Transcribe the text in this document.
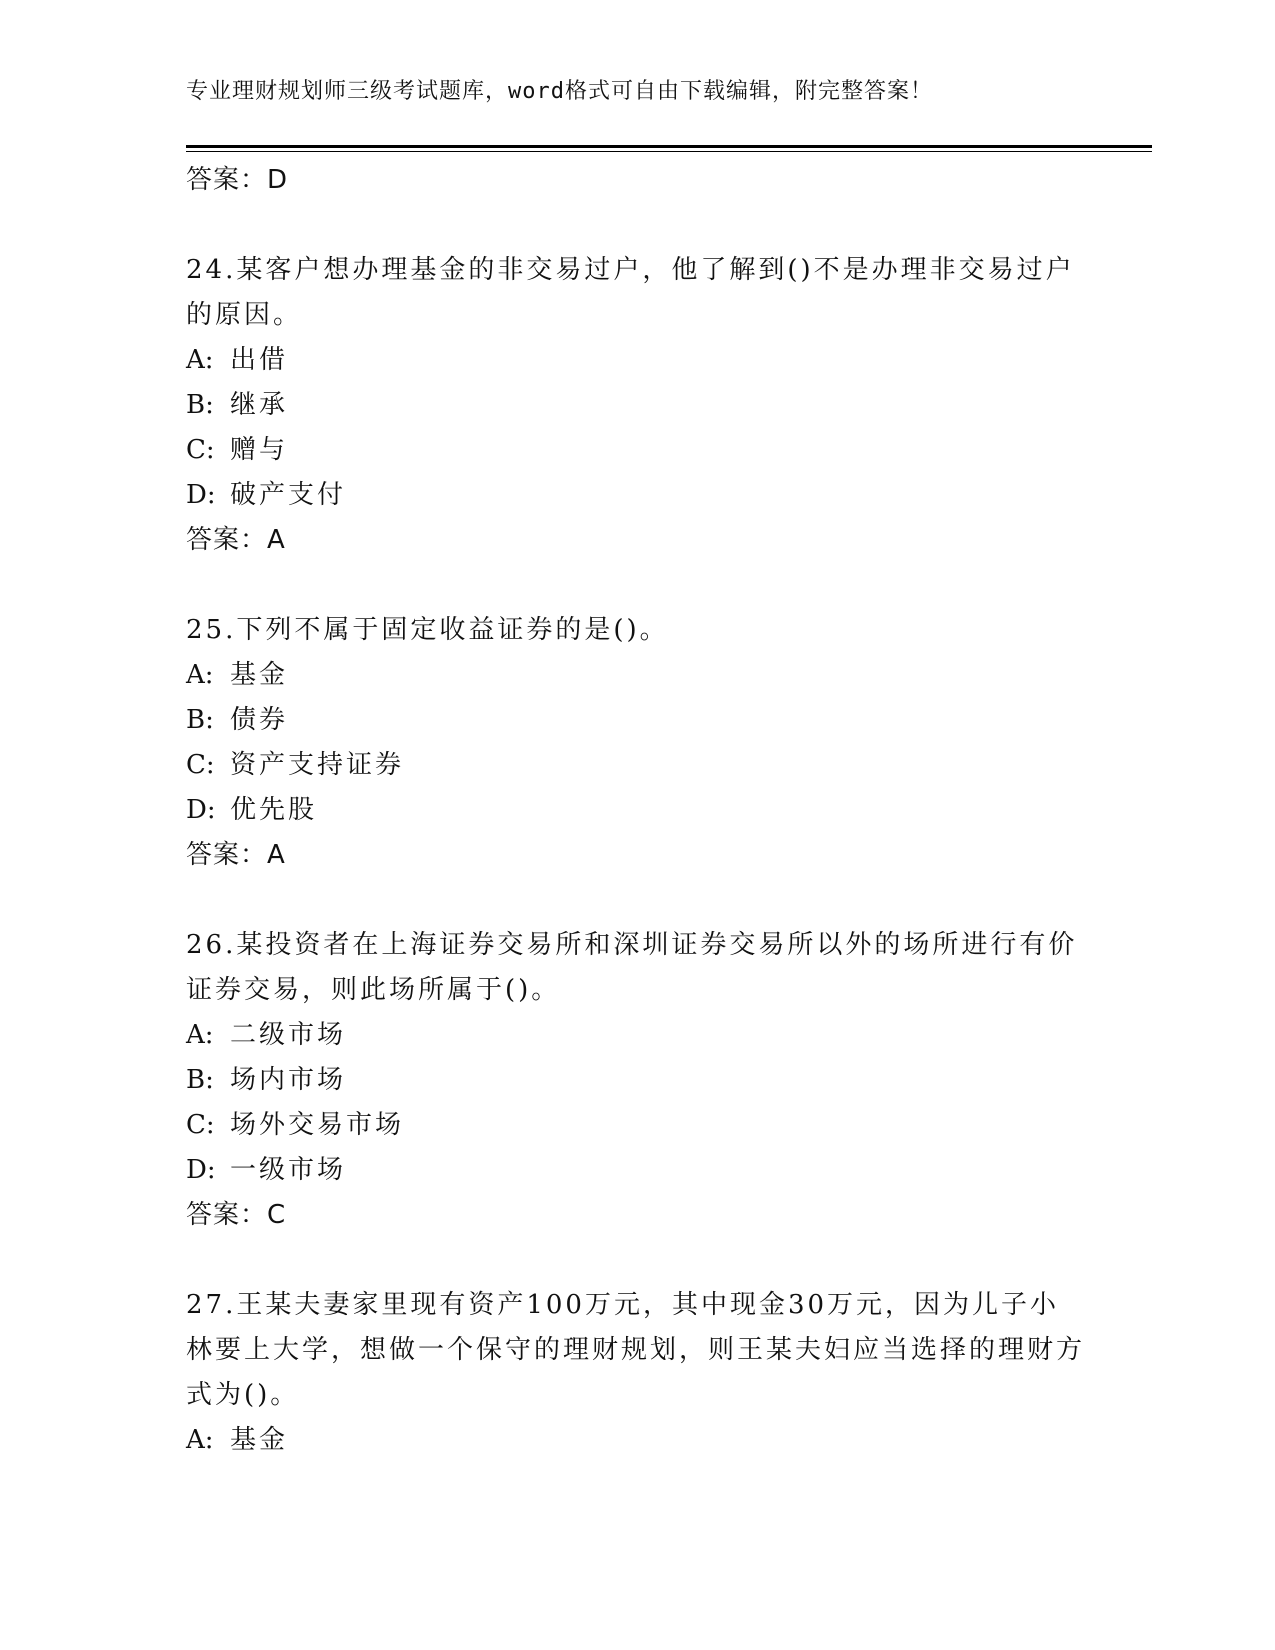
专业理财规划师三级考试题库，word格式可自由下载编辑，附完整答案！
答案：D
24.某客户想办理基金的非交易过户，他了解到()不是办理非交易过户的原因。
A: 出借
B: 继承
C: 赠与
D: 破产支付
答案：A
25.下列不属于固定收益证券的是()。
A: 基金
B: 债券
C: 资产支持证券
D: 优先股
答案：A
26.某投资者在上海证券交易所和深圳证券交易所以外的场所进行有价证券交易，则此场所属于()。
A: 二级市场
B: 场内市场
C: 场外交易市场
D: 一级市场
答案：C
27.王某夫妻家里现有资产100万元，其中现金30万元，因为儿子小林要上大学，想做一个保守的理财规划，则王某夫妇应当选择的理财方式为()。
A: 基金
